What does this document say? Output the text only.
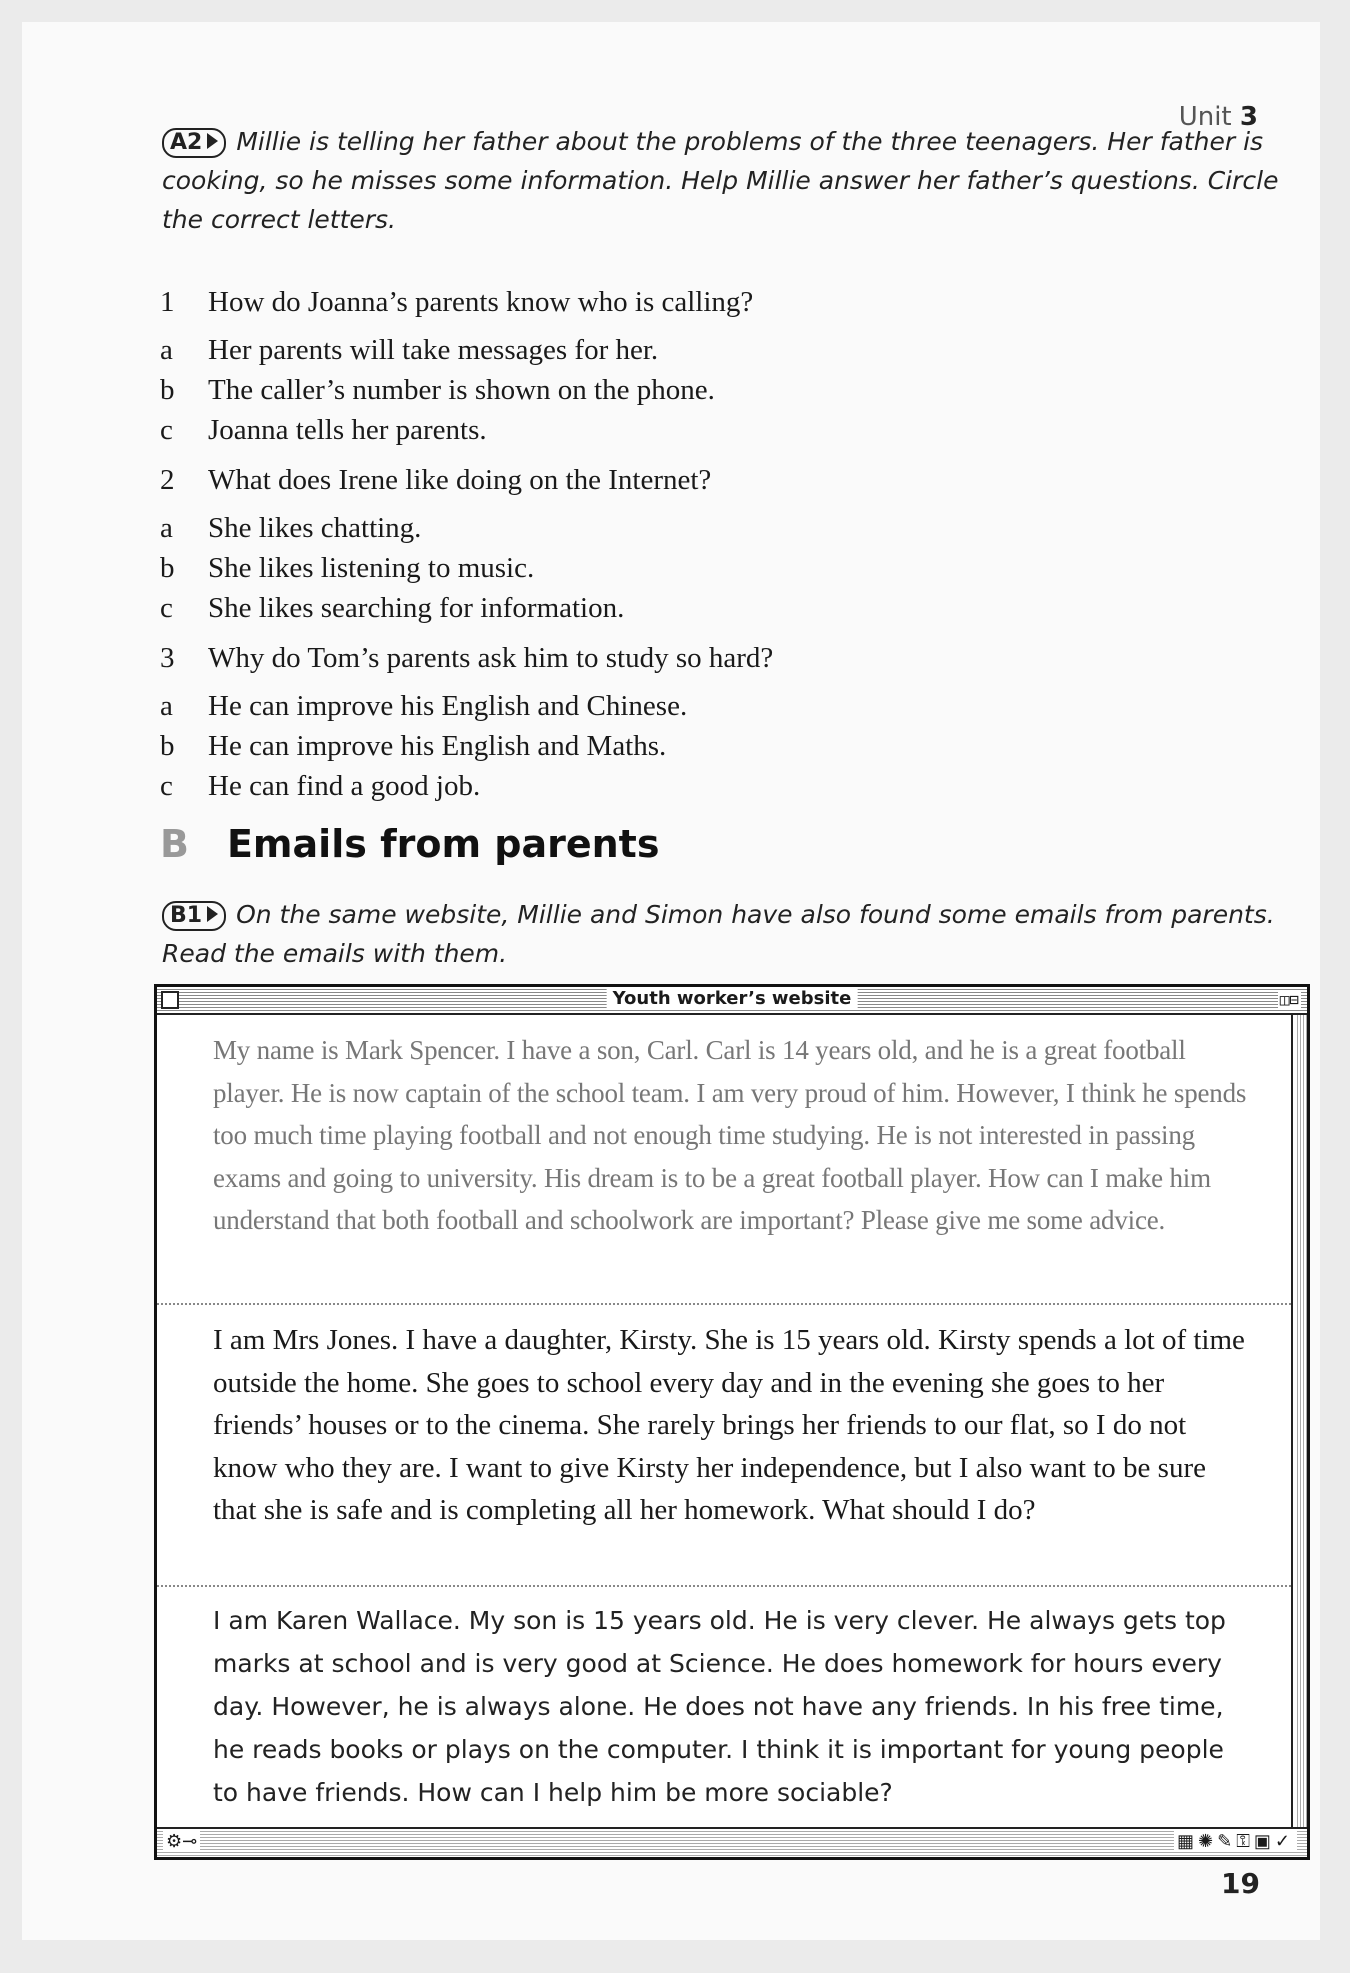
Unit 3
A2 Millie is telling her father about the problems of the three teenagers. Her father is cooking, so he misses some information. Help Millie answer her father’s questions. Circle the correct letters.
1 How do Joanna’s parents know who is calling?
a Her parents will take messages for her.
b The caller’s number is shown on the phone.
c Joanna tells her parents.
2 What does Irene like doing on the Internet?
a She likes chatting.
b She likes listening to music.
c She likes searching for information.
3 Why do Tom’s parents ask him to study so hard?
a He can improve his English and Chinese.
b He can improve his English and Maths.
c He can find a good job.
B Emails from parents
B1 On the same website, Millie and Simon have also found some emails from parents. Read the emails with them.
Youth worker’s website	◫⊟
My name is Mark Spencer. I have a son, Carl. Carl is 14 years old, and he is a great football player. He is now captain of the school team. I am very proud of him. However, I think he spends too much time playing football and not enough time studying. He is not interested in passing exams and going to university. His dream is to be a great football player. How can I make him understand that both football and schoolwork are important? Please give me some advice.
I am Mrs Jones. I have a daughter, Kirsty. She is 15 years old. Kirsty spends a lot of time outside the home. She goes to school every day and in the evening she goes to her friends’ houses or to the cinema. She rarely brings her friends to our flat, so I do not know who they are. I want to give Kirsty her independence, but I also want to be sure that she is safe and is completing all her homework. What should I do?
I am Karen Wallace. My son is 15 years old. He is very clever. He always gets top marks at school and is very good at Science. He does homework for hours every day. However, he is always alone. He does not have any friends. In his free time, he reads books or plays on the computer. I think it is important for young people to have friends. How can I help him be more sociable?
⚙⊸	▦✺✎⚿▣✓
19
